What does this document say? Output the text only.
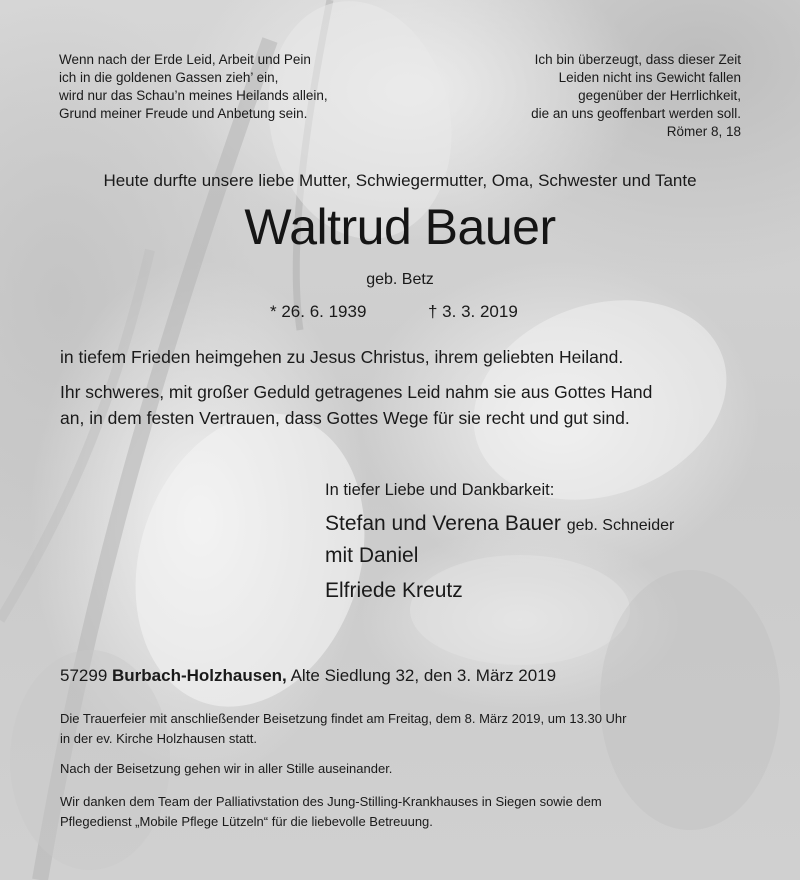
Wenn nach der Erde Leid, Arbeit und Pein
ich in die goldenen Gassen zieh’ ein,
wird nur das Schau’n meines Heilands allein,
Grund meiner Freude und Anbetung sein.
Ich bin überzeugt, dass dieser Zeit
Leiden nicht ins Gewicht fallen
gegenüber der Herrlichkeit,
die an uns geoffenbart werden soll.
Römer 8, 18
Heute durfte unsere liebe Mutter, Schwiegermutter, Oma, Schwester und Tante
Waltrud Bauer
geb. Betz
* 26. 6. 1939	† 3. 3. 2019
in tiefem Frieden heimgehen zu Jesus Christus, ihrem geliebten Heiland.
Ihr schweres, mit großer Geduld getragenes Leid nahm sie aus Gottes Hand
an, in dem festen Vertrauen, dass Gottes Wege für sie recht und gut sind.
In tiefer Liebe und Dankbarkeit:
Stefan und Verena Bauer geb. Schneider
mit Daniel
Elfriede Kreutz
57299 Burbach-Holzhausen, Alte Siedlung 32, den 3. März 2019
Die Trauerfeier mit anschließender Beisetzung findet am Freitag, dem 8. März 2019, um 13.30 Uhr
in der ev. Kirche Holzhausen statt.
Nach der Beisetzung gehen wir in aller Stille auseinander.
Wir danken dem Team der Palliativstation des Jung-Stilling-Krankhauses in Siegen sowie dem
Pflegedienst „Mobile Pflege Lützeln“ für die liebevolle Betreuung.
